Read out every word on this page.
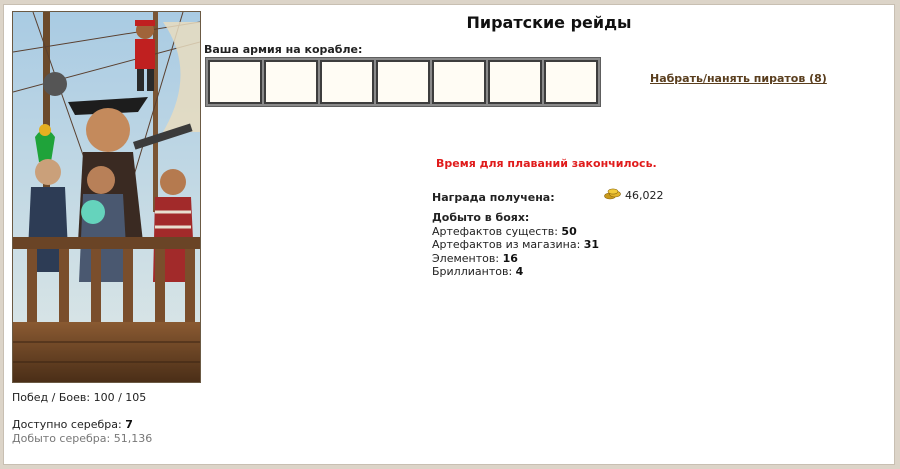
Побед / Боев: 100 / 105
Доступно серебра: 7
Добыто серебра: 51,136
Пиратские рейды
Ваша армия на корабле:
Набрать/нанять пиратов (8)
Время для плаваний закончилось.
Награда получена:	46,022
Добыто в боях:
Артефактов существ: 50
Артефактов из магазина: 31
Элементов: 16
Бриллиантов: 4
